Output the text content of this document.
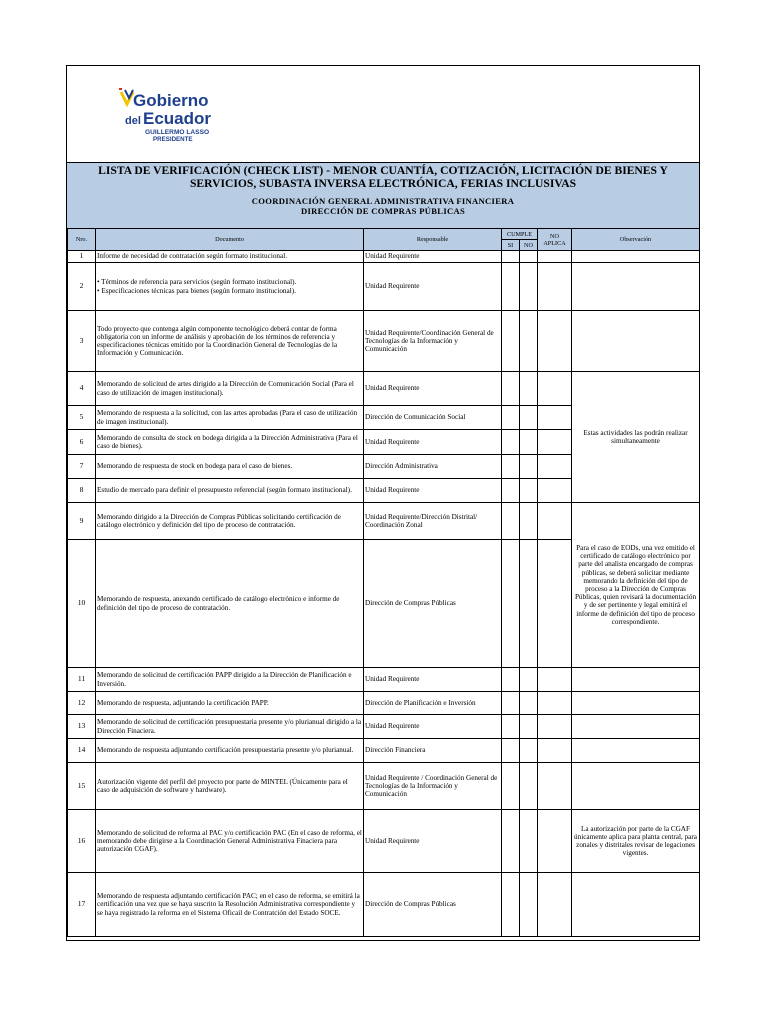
Gobierno
del Ecuador
GUILLERMO LASSO
PRESIDENTE
LISTA DE VERIFICACIÓN (CHECK LIST) - MENOR CUANTÍA, COTIZACIÓN, LICITACIÓN DE BIENES Y SERVICIOS, SUBASTA INVERSA ELECTRÓNICA, FERIAS INCLUSIVAS
COORDINACIÓN GENERAL ADMINISTRATIVA FINANCIERA
DIRECCIÓN DE COMPRAS PÚBLICAS
Nro.	Documento	Responsable	CUMPLE		NO APLICA	Observación
			SI	NO		
1	Informe de necesidad de contratación según formato institucional.	Unidad Requirente				
2	• Términos de referencia para servicios (según formato institucional).
• Especificaciones técnicas para bienes (según formato institucional).	Unidad Requirente				
3	Todo proyecto que contenga algún componente tecnológico deberá contar de forma obligatoria con un informe de análisis y aprobación de los términos de referencia y especificaciones técnicas emitido por la Coordinación General de Tecnologías de la Información y Comunicación.	Unidad Requirente/Coordinación General de Tecnologías de la Información y Comunicación				
4	Memorando de solicitud de artes dirigido a la Dirección de Comunicación Social (Para el caso de utilización de imagen institucional).	Unidad Requirente				Estas actividades las podrán realizar simultaneamente
5	Memorando de respuesta a la solicitud, con las artes aprobadas (Para el caso de utilización de imagen institucional).	Dirección de Comunicación Social				
6	Memorando de consulta de stock en bodega dirigida a la Dirección Administrativa (Para el caso de bienes).	Unidad Requirente				
7	Memorando de respuesta de stock en bodega para el caso de bienes.	Dirección Administrativa				
8	Estudio de mercado para definir el presupuesto referencial (según formato institucional).	Unidad Requirente				
9	Memorando dirigido a la Dirección de Compras Públicas solicitando certificación de catálogo electrónico y definición del tipo de proceso de contratación.	Unidad Requirente/Dirección Distrital/ Coordinación Zonal				Para el caso de EODs, una vez emitido el certificado de catálogo electrónico por parte del analista encargado de compras públicas, se deberá solicitar mediante memorando la definición del tipo de proceso a la Dirección de Compras Públicas, quien revisará la documentación y de ser pertinente y legal emitirá el informe de definición del tipo de proceso correspondiente.
10	Memorando de respuesta, anexando certificado de catálogo electrónico e informe de definición del tipo de proceso de contratación.	Dirección de Compras Públicas				
11	Memorando de solicitud de certificación PAPP dirigido a la Dirección de Planificación e Inversión.	Unidad Requirente				
12	Memorando de respuesta, adjuntando la certificación PAPP.	Dirección de Planificación e Inversión				
13	Memorando de solicitud de certificación presupuestaria presente y/o plurianual dirigido a la Dirección Finaciera.	Unidad Requirente				
14	Memorando de respuesta adjuntando certificación presupuestaria presente y/o plurianual.	Dirección Financiera				
15	Autorización vigente del perfil del proyecto por parte de MINTEL (Únicamente para el caso de adquisición de software y hardware).	Unidad Requirente / Coordinación General de Tecnologías de la Información y Comunicación				
16	Memorando de solicitud de reforma al PAC y/o certificación PAC (En el caso de reforma, el memorando debe dirigirse a la Coordinación General Administrativa Finaciera para autorización CGAF).	Unidad Requirente				La autorización por parte de la CGAF únicamente aplica para planta central, para zonales y distritales revisar de legaciones vigentes.
17	Memorando de respuesta adjuntando certificación PAC; en el caso de reforma, se emitirá la certificación una vez que se haya suscrito la Resolución Administrativa correspondiente y se haya registrado la reforma en el Sistema Oficail de Contratción del Estado SOCE.	Dirección de Compras Públicas				
